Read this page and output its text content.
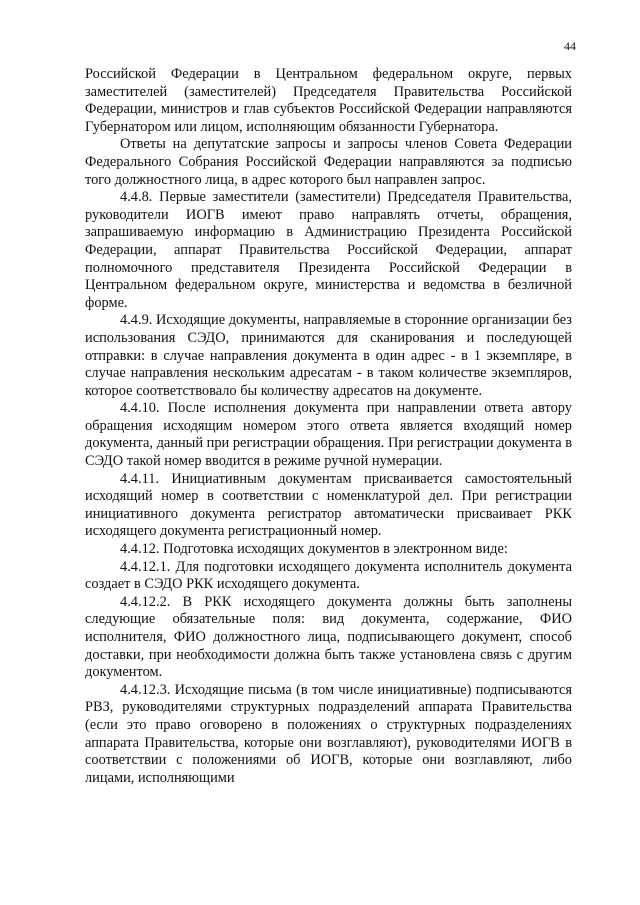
44

Российской Федерации в Центральном федеральном округе, первых заместителей (заместителей) Председателя Правительства Российской Федерации, министров и глав субъектов Российской Федерации направляются Губернатором или лицом, исполняющим обязанности Губернатора.

Ответы на депутатские запросы и запросы членов Совета Федерации Федерального Собрания Российской Федерации направляются за подписью того должностного лица, в адрес которого был направлен запрос.

4.4.8. Первые заместители (заместители) Председателя Правительства, руководители ИОГВ имеют право направлять отчеты, обращения, запрашиваемую информацию в Администрацию Президента Российской Федерации, аппарат Правительства Российской Федерации, аппарат полномочного представителя Президента Российской Федерации в Центральном федеральном округе, министерства и ведомства в безличной форме.

4.4.9. Исходящие документы, направляемые в сторонние организации без использования СЭДО, принимаются для сканирования и последующей отправки: в случае направления документа в один адрес - в 1 экземпляре, в случае направления нескольким адресатам - в таком количестве экземпляров, которое соответствовало бы количеству адресатов на документе.

4.4.10. После исполнения документа при направлении ответа автору обращения исходящим номером этого ответа является входящий номер документа, данный при регистрации обращения. При регистрации документа в СЭДО такой номер вводится в режиме ручной нумерации.

4.4.11. Инициативным документам присваивается самостоятельный исходящий номер в соответствии с номенклатурой дел. При регистрации инициативного документа регистратор автоматически присваивает РКК исходящего документа регистрационный номер.

4.4.12. Подготовка исходящих документов в электронном виде:

4.4.12.1. Для подготовки исходящего документа исполнитель документа создает в СЭДО РКК исходящего документа.

4.4.12.2. В РКК исходящего документа должны быть заполнены следующие обязательные поля: вид документа, содержание, ФИО исполнителя, ФИО должностного лица, подписывающего документ, способ доставки, при необходимости должна быть также установлена связь с другим документом.

4.4.12.3. Исходящие письма (в том числе инициативные) подписываются РВЗ, руководителями структурных подразделений аппарата Правительства (если это право оговорено в положениях о структурных подразделениях аппарата Правительства, которые они возглавляют), руководителями ИОГВ в соответствии с положениями об ИОГВ, которые они возглавляют, либо лицами, исполняющими
